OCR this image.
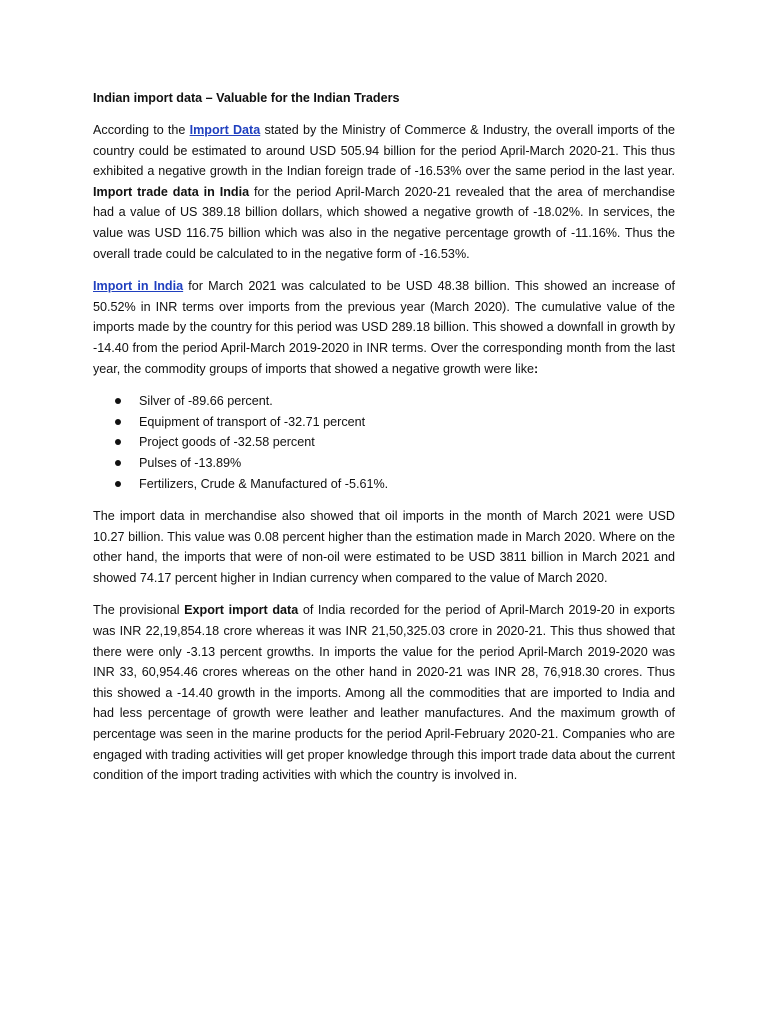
Indian import data – Valuable for the Indian Traders

According to the Import Data stated by the Ministry of Commerce & Industry, the overall imports of the country could be estimated to around USD 505.94 billion for the period April-March 2020-21. This thus exhibited a negative growth in the Indian foreign trade of -16.53% over the same period in the last year. Import trade data in India for the period April-March 2020-21 revealed that the area of merchandise had a value of US 389.18 billion dollars, which showed a negative growth of -18.02%. In services, the value was USD 116.75 billion which was also in the negative percentage growth of -11.16%. Thus the overall trade could be calculated to in the negative form of -16.53%.

Import in India for March 2021 was calculated to be USD 48.38 billion. This showed an increase of 50.52% in INR terms over imports from the previous year (March 2020). The cumulative value of the imports made by the country for this period was USD 289.18 billion. This showed a downfall in growth by -14.40 from the period April-March 2019-2020 in INR terms. Over the corresponding month from the last year, the commodity groups of imports that showed a negative growth were like:

Silver of -89.66 percent.
Equipment of transport of -32.71 percent
Project goods of -32.58 percent
Pulses of -13.89%
Fertilizers, Crude & Manufactured of -5.61%.

The import data in merchandise also showed that oil imports in the month of March 2021 were USD 10.27 billion. This value was 0.08 percent higher than the estimation made in March 2020. Where on the other hand, the imports that were of non-oil were estimated to be USD 3811 billion in March 2021 and showed 74.17 percent higher in Indian currency when compared to the value of March 2020.

The provisional Export import data of India recorded for the period of April-March 2019-20 in exports was INR 22,19,854.18 crore whereas it was INR 21,50,325.03 crore in 2020-21. This thus showed that there were only -3.13 percent growths. In imports the value for the period April-March 2019-2020 was INR 33, 60,954.46 crores whereas on the other hand in 2020-21 was INR 28, 76,918.30 crores. Thus this showed a -14.40 growth in the imports. Among all the commodities that are imported to India and had less percentage of growth were leather and leather manufactures. And the maximum growth of percentage was seen in the marine products for the period April-February 2020-21. Companies who are engaged with trading activities will get proper knowledge through this import trade data about the current condition of the import trading activities with which the country is involved in.
